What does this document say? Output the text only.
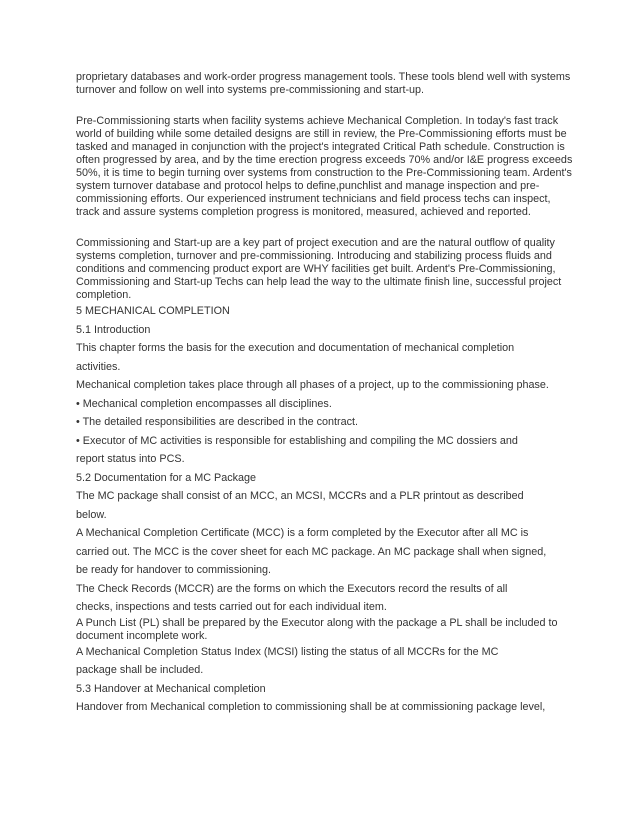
proprietary databases and work-order progress management tools. These tools blend well with systems turnover and follow on well into systems pre-commissioning and start-up.

Pre-Commissioning starts when facility systems achieve Mechanical Completion. In today's fast track world of building while some detailed designs are still in review, the Pre-Commissioning efforts must be tasked and managed in conjunction with the project's integrated Critical Path schedule. Construction is often progressed by area, and by the time erection progress exceeds 70% and/or I&E progress exceeds 50%, it is time to begin turning over systems from construction to the Pre-Commissioning team. Ardent's system turnover database and protocol helps to define,punchlist and manage inspection and pre-commissioning efforts. Our experienced instrument technicians and field process techs can inspect, track and assure systems completion progress is monitored, measured, achieved and reported.

Commissioning and Start-up are a key part of project execution and are the natural outflow of quality systems completion, turnover and pre-commissioning. Introducing and stabilizing process fluids and conditions and commencing product export are WHY facilities get built. Ardent's Pre-Commissioning, Commissioning and Start-up Techs can help lead the way to the ultimate finish line, successful project completion.

5 MECHANICAL COMPLETION

5.1 Introduction

This chapter forms the basis for the execution and documentation of mechanical completion

activities.

Mechanical completion takes place through all phases of a project, up to the commissioning phase.

• Mechanical completion encompasses all disciplines.

• The detailed responsibilities are described in the contract.

• Executor of MC activities is responsible for establishing and compiling the MC dossiers and

report status into PCS.

5.2 Documentation for a MC Package

The MC package shall consist of an MCC, an MCSI, MCCRs and a PLR printout as described

below.

A Mechanical Completion Certificate (MCC) is a form completed by the Executor after all MC is

carried out. The MCC is the cover sheet for each MC package. An MC package shall when signed,

be ready for handover to commissioning.

The Check Records (MCCR) are the forms on which the Executors record the results of all

checks, inspections and tests carried out for each individual item.

A Punch List (PL) shall be prepared by the Executor along with the package a PL shall be included to

document incomplete work.

A Mechanical Completion Status Index (MCSI) listing the status of all MCCRs for the MC

package shall be included.

5.3 Handover at Mechanical completion

Handover from Mechanical completion to commissioning shall be at commissioning package level,
